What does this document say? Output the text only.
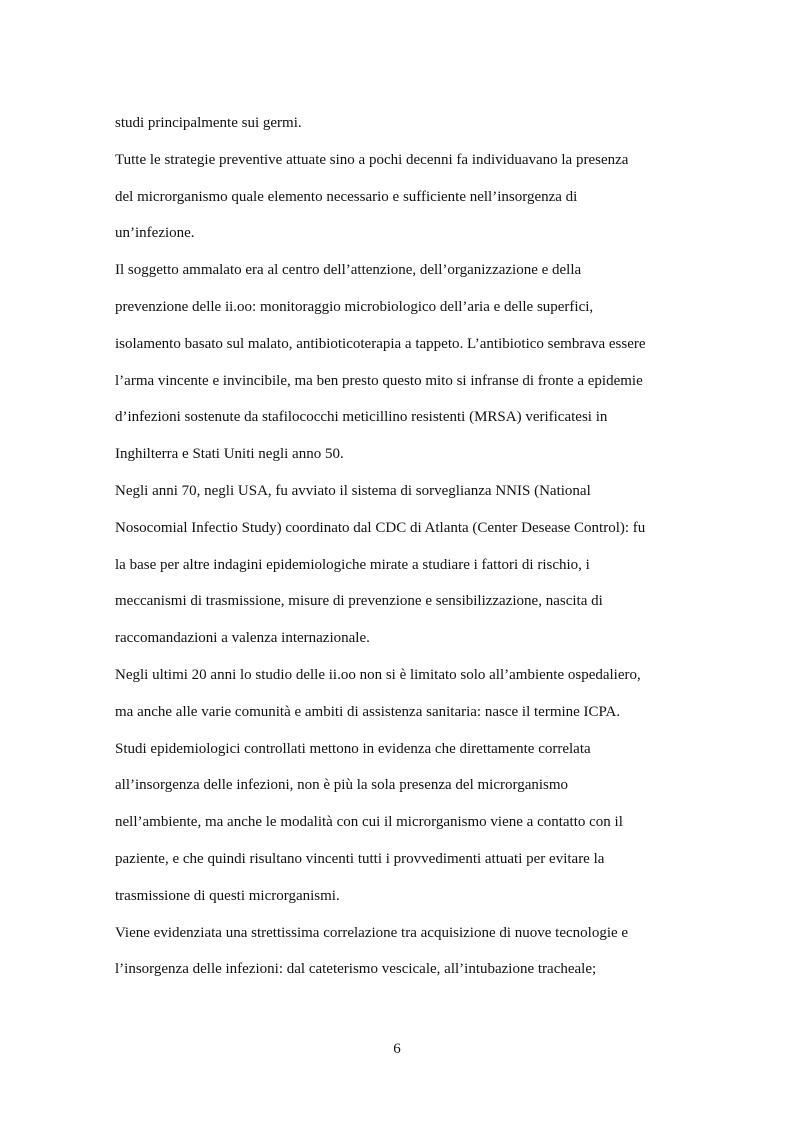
studi principalmente sui germi.
Tutte le strategie preventive attuate sino a pochi decenni fa individuavano la presenza
del microrganismo quale elemento necessario e sufficiente nell’insorgenza di
un’infezione.
Il soggetto ammalato era al centro dell’attenzione, dell’organizzazione e della
prevenzione delle ii.oo: monitoraggio microbiologico dell’aria e delle superfici,
isolamento basato sul malato, antibioticoterapia a tappeto. L’antibiotico sembrava essere
l’arma vincente e invincibile, ma ben presto questo mito si infranse di fronte a epidemie
d’infezioni sostenute da stafilococchi meticillino resistenti (MRSA) verificatesi in
Inghilterra e Stati Uniti negli anno 50.
Negli anni 70, negli USA, fu avviato il sistema di sorveglianza NNIS (National
Nosocomial Infectio Study) coordinato dal CDC di Atlanta (Center Desease Control): fu
la base per altre indagini epidemiologiche mirate a studiare i fattori di rischio, i
meccanismi di trasmissione, misure di prevenzione e sensibilizzazione, nascita di
raccomandazioni a valenza internazionale.
Negli ultimi 20 anni lo studio delle ii.oo non si è limitato solo all’ambiente ospedaliero,
ma anche alle varie comunità e ambiti di assistenza sanitaria: nasce il termine ICPA.
Studi epidemiologici controllati mettono in evidenza che direttamente correlata
all’insorgenza delle infezioni, non è più la sola presenza del microrganismo
nell’ambiente, ma anche le modalità con cui il microrganismo viene a contatto con il
paziente, e che quindi risultano vincenti tutti i provvedimenti attuati per evitare la
trasmissione di questi microrganismi.
Viene evidenziata una strettissima correlazione tra acquisizione di nuove tecnologie e
l’insorgenza delle infezioni: dal cateterismo vescicale, all’intubazione tracheale;
6
